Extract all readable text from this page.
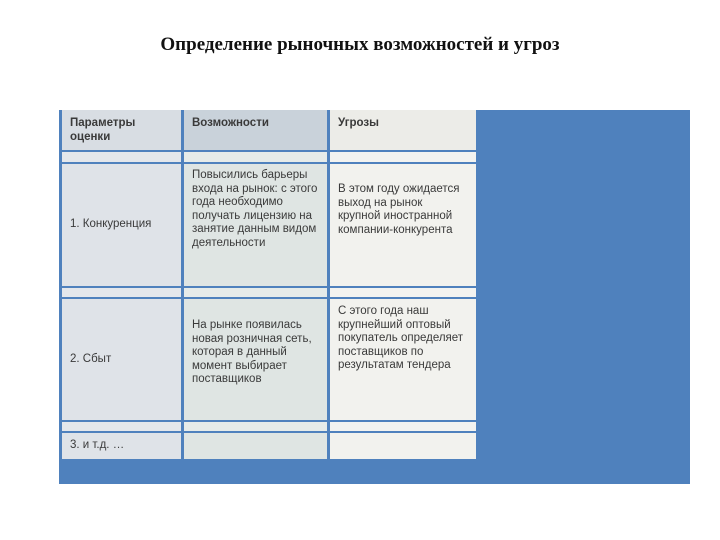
Определение рыночных возможностей и угроз
Параметры оценки
Возможности	Угрозы
1. Конкуренция
Повысились барьеры входа на рынок: с этого года необходимо получать лицензию на занятие данным видом деятельности
В этом году ожидается выход на рынок крупной иностранной компании-конкурента
2. Сбыт
На рынке появилась новая розничная сеть, которая в данный момент выбирает поставщиков
С этого года наш крупнейший оптовый покупатель определяет поставщиков по результатам тендера
3. и т.д. …
